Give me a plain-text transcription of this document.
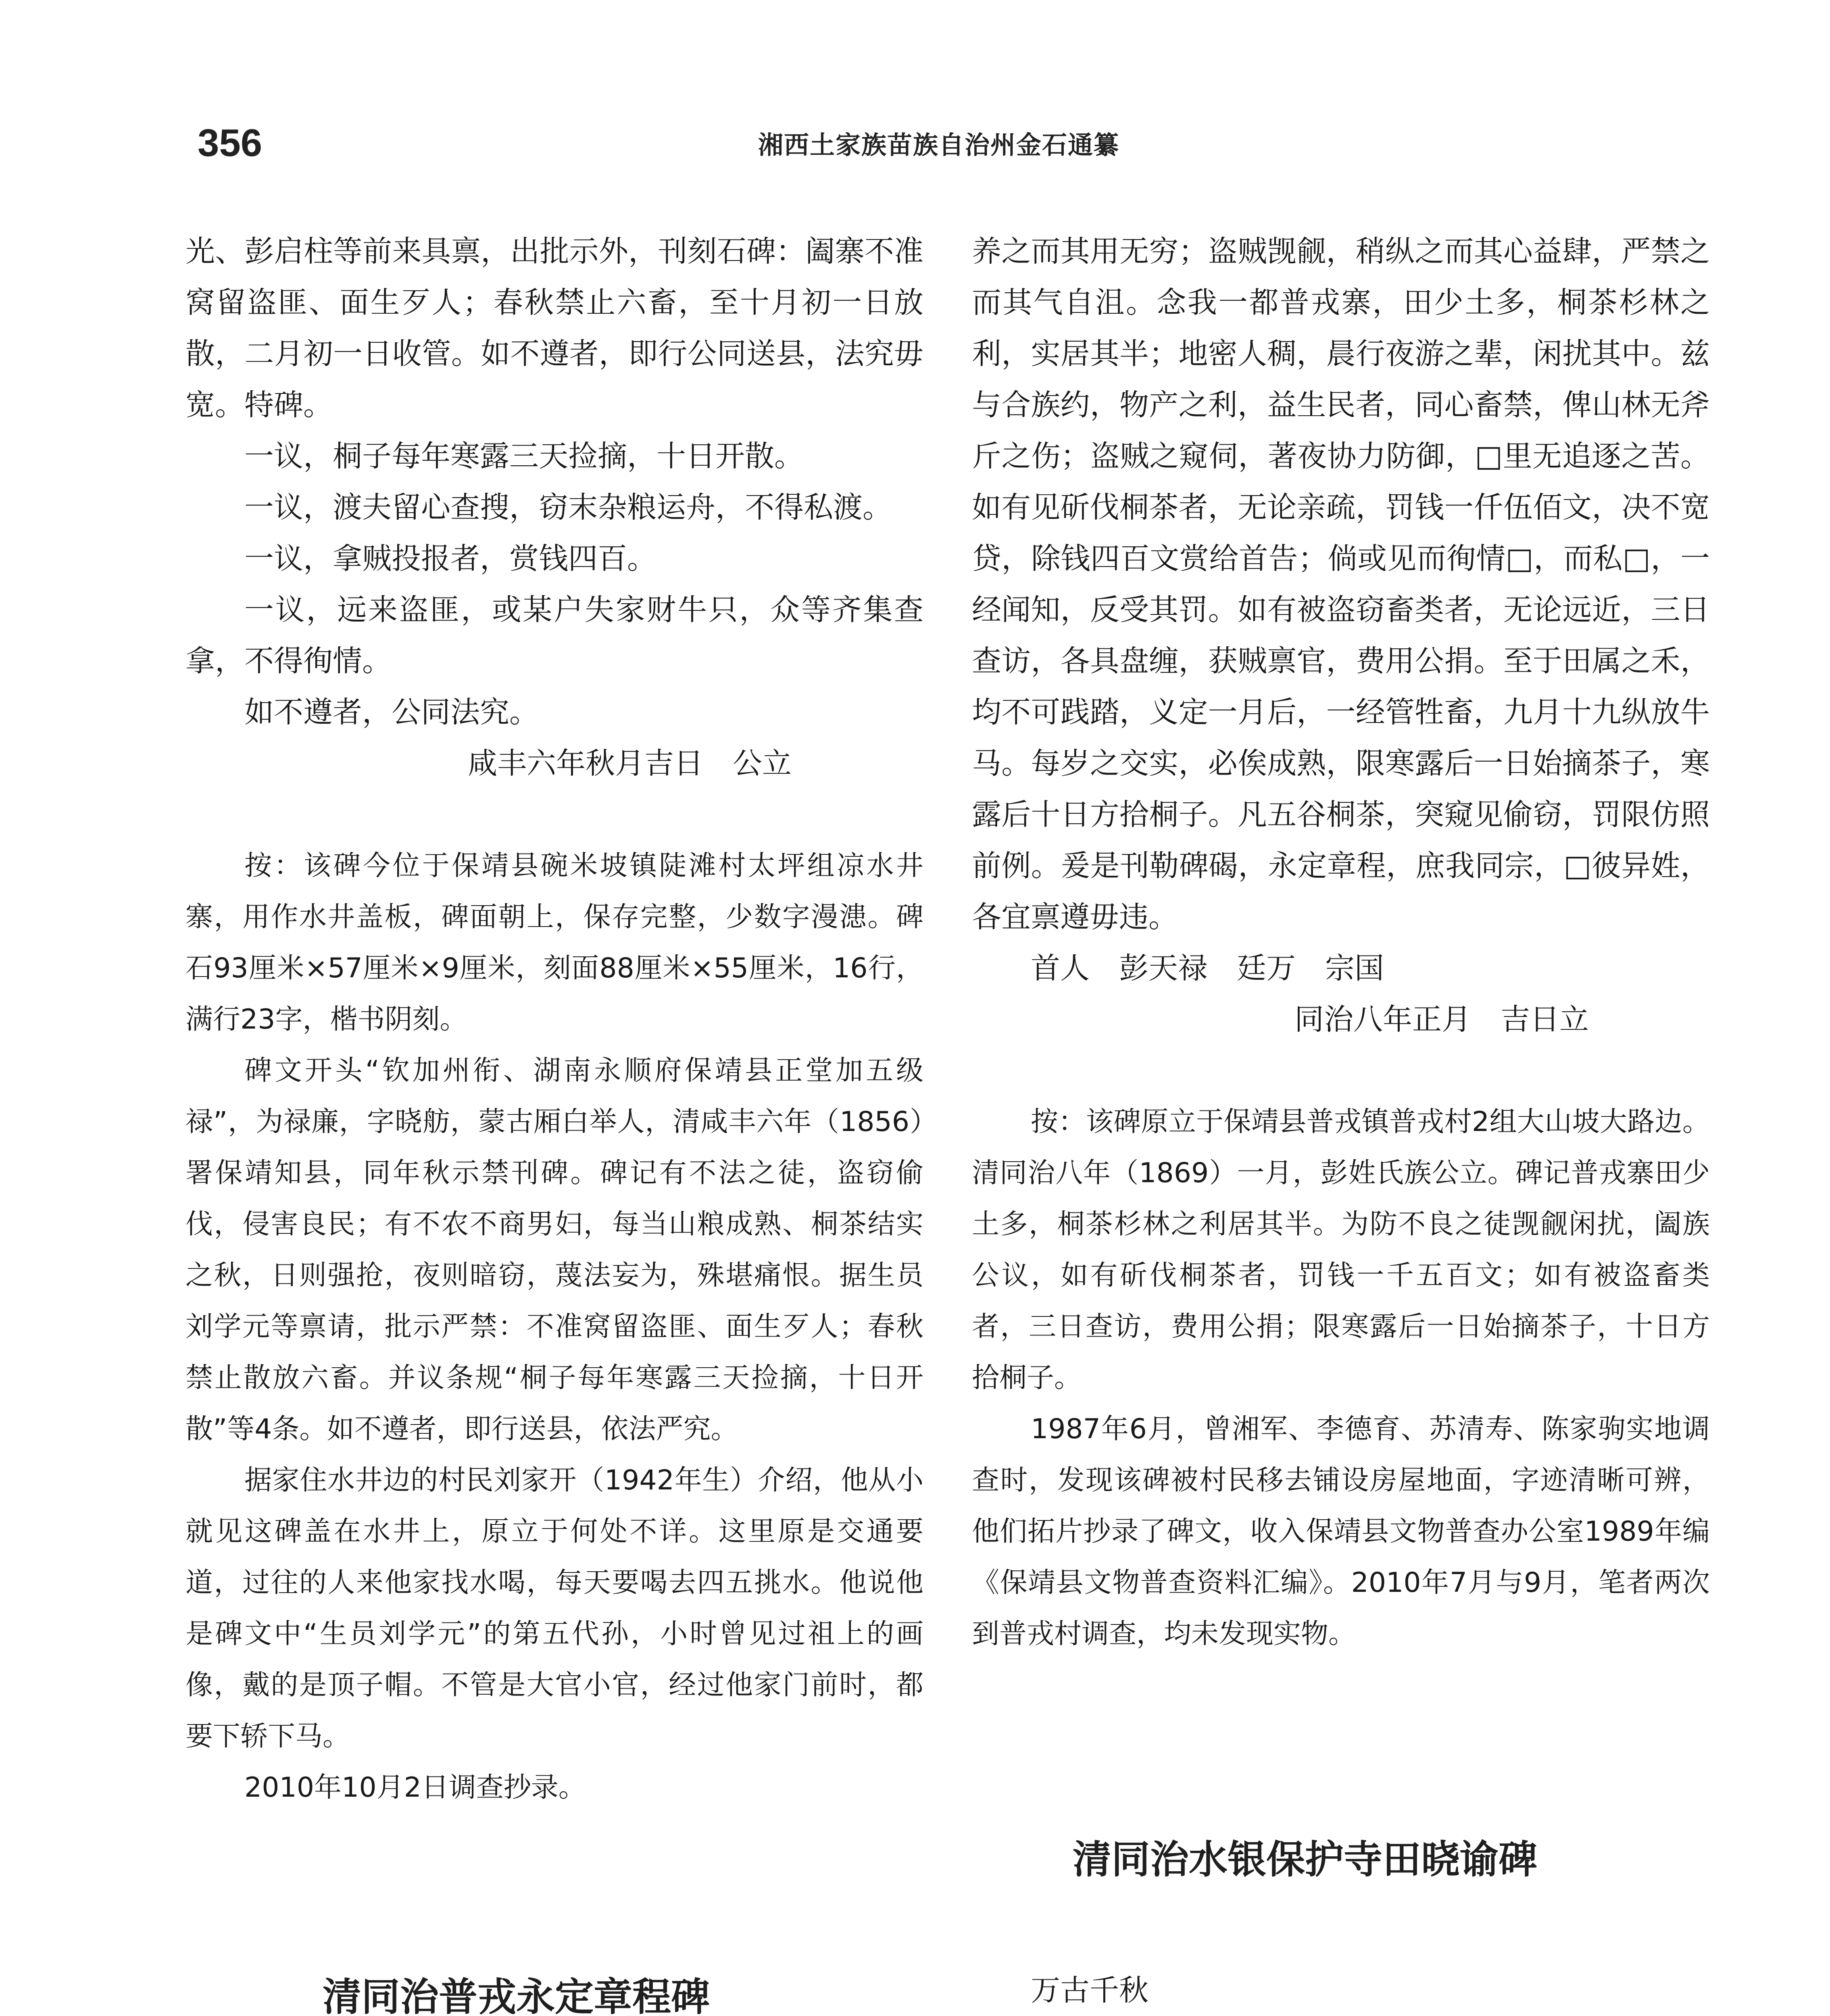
356	湘西土家族苗族自治州金石通纂

光、彭启柱等前来具禀，出批示外，刊刻石碑：阖寨不准窝留盗匪、面生歹人；春秋禁止六畜，至十月初一日放散，二月初一日收管。如不遵者，即行公同送县，法究毋宽。特碑。

一议，桐子每年寒露三天捡摘，十日开散。

一议，渡夫留心查搜，窃末杂粮运舟，不得私渡。

一议，拿贼投报者，赏钱四百。

一议，远来盗匪，或某户失家财牛只，众等齐集查拿，不得徇情。

如不遵者，公同法究。

咸丰六年秋月吉日　公立

按：该碑今位于保靖县碗米坡镇陡滩村太坪组凉水井寨，用作水井盖板，碑面朝上，保存完整，少数字漫漶。碑石93厘米×57厘米×9厘米，刻面88厘米×55厘米，16行，满行23字，楷书阴刻。

碑文开头“钦加州衔、湖南永顺府保靖县正堂加五级禄”，为禄廉，字晓舫，蒙古厢白举人，清咸丰六年（1856）署保靖知县，同年秋示禁刊碑。碑记有不法之徒，盗窃偷伐，侵害良民；有不农不商男妇，每当山粮成熟、桐茶结实之秋，日则强抢，夜则暗窃，蔑法妄为，殊堪痛恨。据生员刘学元等禀请，批示严禁：不准窝留盗匪、面生歹人；春秋禁止散放六畜。并议条规“桐子每年寒露三天捡摘，十日开散”等4条。如不遵者，即行送县，依法严究。

据家住水井边的村民刘家开（1942年生）介绍，他从小就见这碑盖在水井上，原立于何处不详。这里原是交通要道，过往的人来他家找水喝，每天要喝去四五挑水。他说他是碑文中“生员刘学元”的第五代孙，小时曾见过祖上的画像，戴的是顶子帽。不管是大官小官，经过他家门前时，都要下轿下马。

2010年10月2日调查抄录。

清同治普戎永定章程碑

养之而其用无穷；盗贼觊觎，稍纵之而其心益肆，严禁之而其气自沮。念我一都普戎寨，田少土多，桐茶杉林之利，实居其半；地密人稠，晨行夜游之辈，闲扰其中。兹与合族约，物产之利，益生民者，同心畜禁，俾山林无斧斤之伤；盗贼之窥伺，著夜协力防御，□里无追逐之苦。如有见斫伐桐茶者，无论亲疏，罚钱一仟伍佰文，决不宽贷，除钱四百文赏给首告；倘或见而徇情□，而私□，一经闻知，反受其罚。如有被盗窃畜类者，无论远近，三日查访，各具盘缠，获贼禀官，费用公捐。至于田属之禾，均不可践踏，义定一月后，一经管牲畜，九月十九纵放牛马。每岁之交实，必俟成熟，限寒露后一日始摘茶子，寒露后十日方拾桐子。凡五谷桐茶，突窥见偷窃，罚限仿照前例。爰是刊勒碑碣，永定章程，庶我同宗，□彼异姓，各宜禀遵毋违。

首人　彭天禄　廷万　宗国

同治八年正月　吉日立

按：该碑原立于保靖县普戎镇普戎村2组大山坡大路边。清同治八年（1869）一月，彭姓氏族公立。碑记普戎寨田少土多，桐茶杉林之利居其半。为防不良之徒觊觎闲扰，阖族公议，如有斫伐桐茶者，罚钱一千五百文；如有被盗畜类者，三日查访，费用公捐；限寒露后一日始摘茶子，十日方拾桐子。

1987年6月，曾湘军、李德育、苏清寿、陈家驹实地调查时，发现该碑被村民移去铺设房屋地面，字迹清晰可辨，他们拓片抄录了碑文，收入保靖县文物普查办公室1989年编《保靖县文物普查资料汇编》。2010年7月与9月，笔者两次到普戎村调查，均未发现实物。

清同治水银保护寺田晓谕碑

万古千秋
